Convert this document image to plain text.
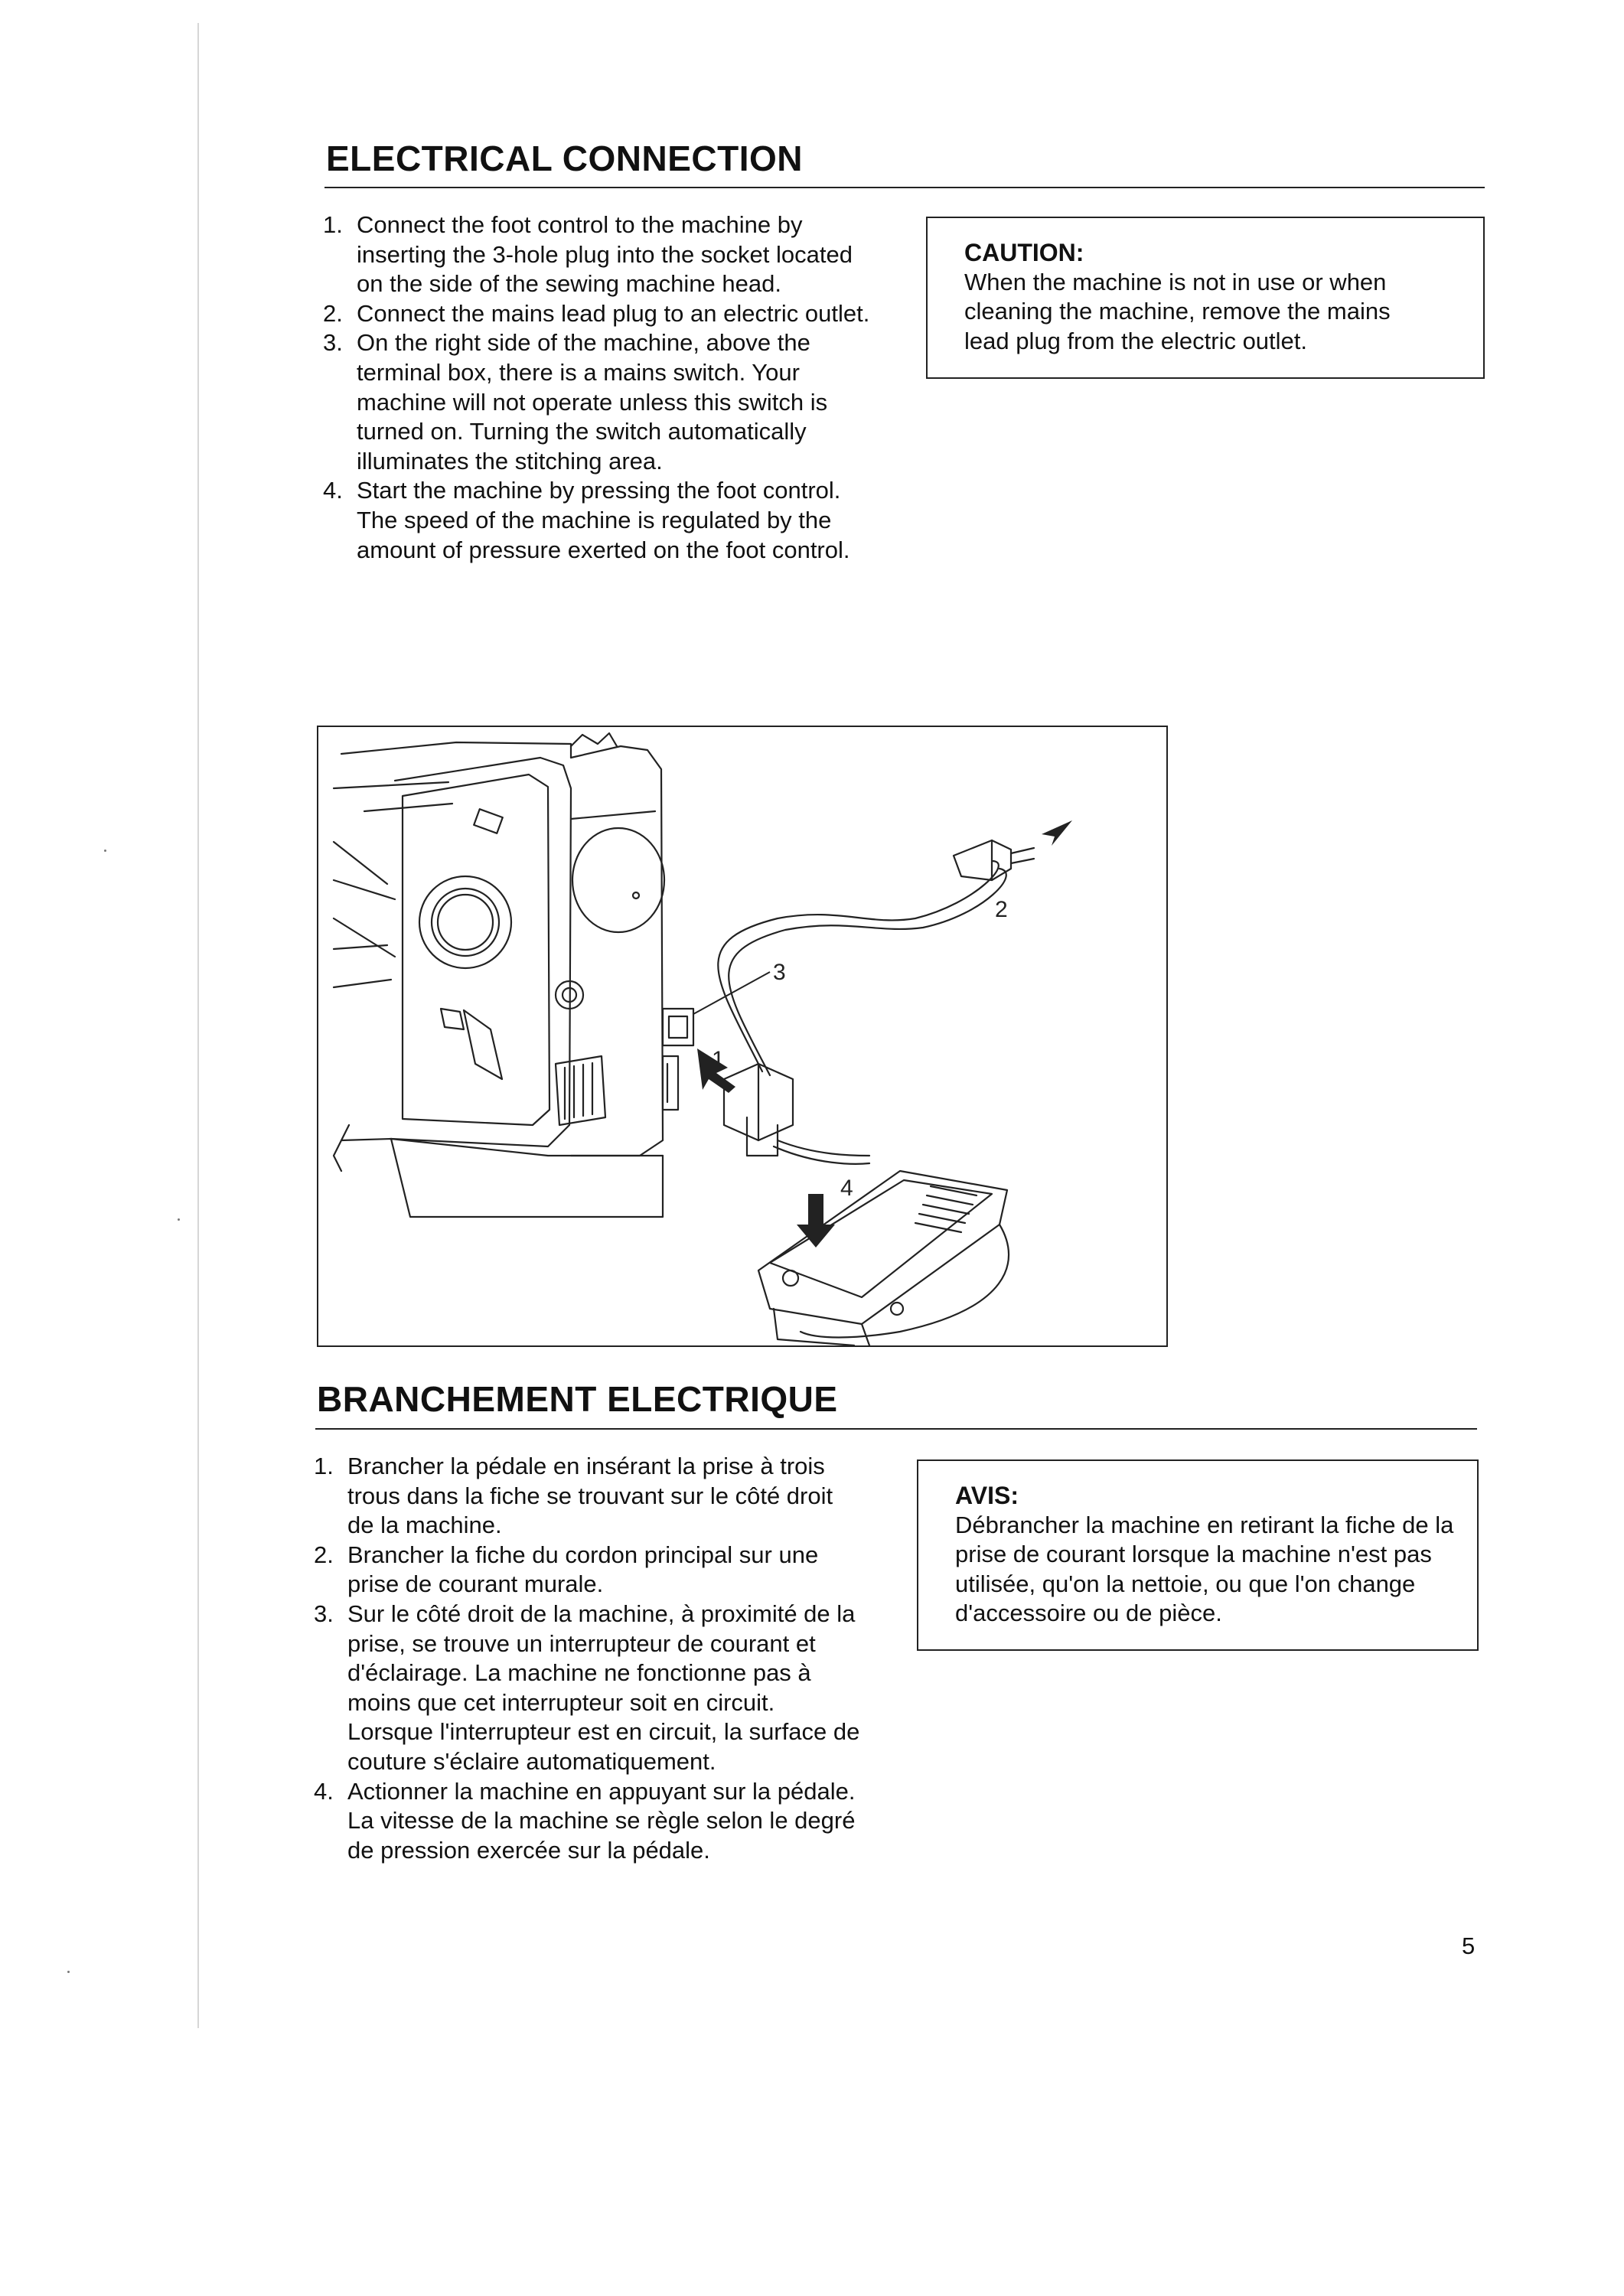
ELECTRICAL CONNECTION
1. Connect the foot control to the machine by
inserting the 3-hole plug into the socket located
on the side of the sewing machine head.
2. Connect the mains lead plug to an electric outlet.
3. On the right side of the machine, above the
terminal box, there is a mains switch. Your
machine will not operate unless this switch is
turned on. Turning the switch automatically
illuminates the stitching area.
4. Start the machine by pressing the foot control.
The speed of the machine is regulated by the
amount of pressure exerted on the foot control.
CAUTION:
When the machine is not in use or when
cleaning the machine, remove the mains
lead plug from the electric outlet.
3
1
2
4
BRANCHEMENT ELECTRIQUE
1. Brancher la pédale en insérant la prise à trois
trous dans la fiche se trouvant sur le côté droit
de la machine.
2. Brancher la fiche du cordon principal sur une
prise de courant murale.
3. Sur le côté droit de la machine, à proximité de la
prise, se trouve un interrupteur de courant et
d'éclairage. La machine ne fonctionne pas à
moins que cet interrupteur soit en circuit.
Lorsque l'interrupteur est en circuit, la surface de
couture s'éclaire automatiquement.
4. Actionner la machine en appuyant sur la pédale.
La vitesse de la machine se règle selon le degré
de pression exercée sur la pédale.
AVIS:
Débrancher la machine en retirant la fiche de la
prise de courant lorsque la machine n'est pas
utilisée, qu'on la nettoie, ou que l'on change
d'accessoire ou de pièce.
5
